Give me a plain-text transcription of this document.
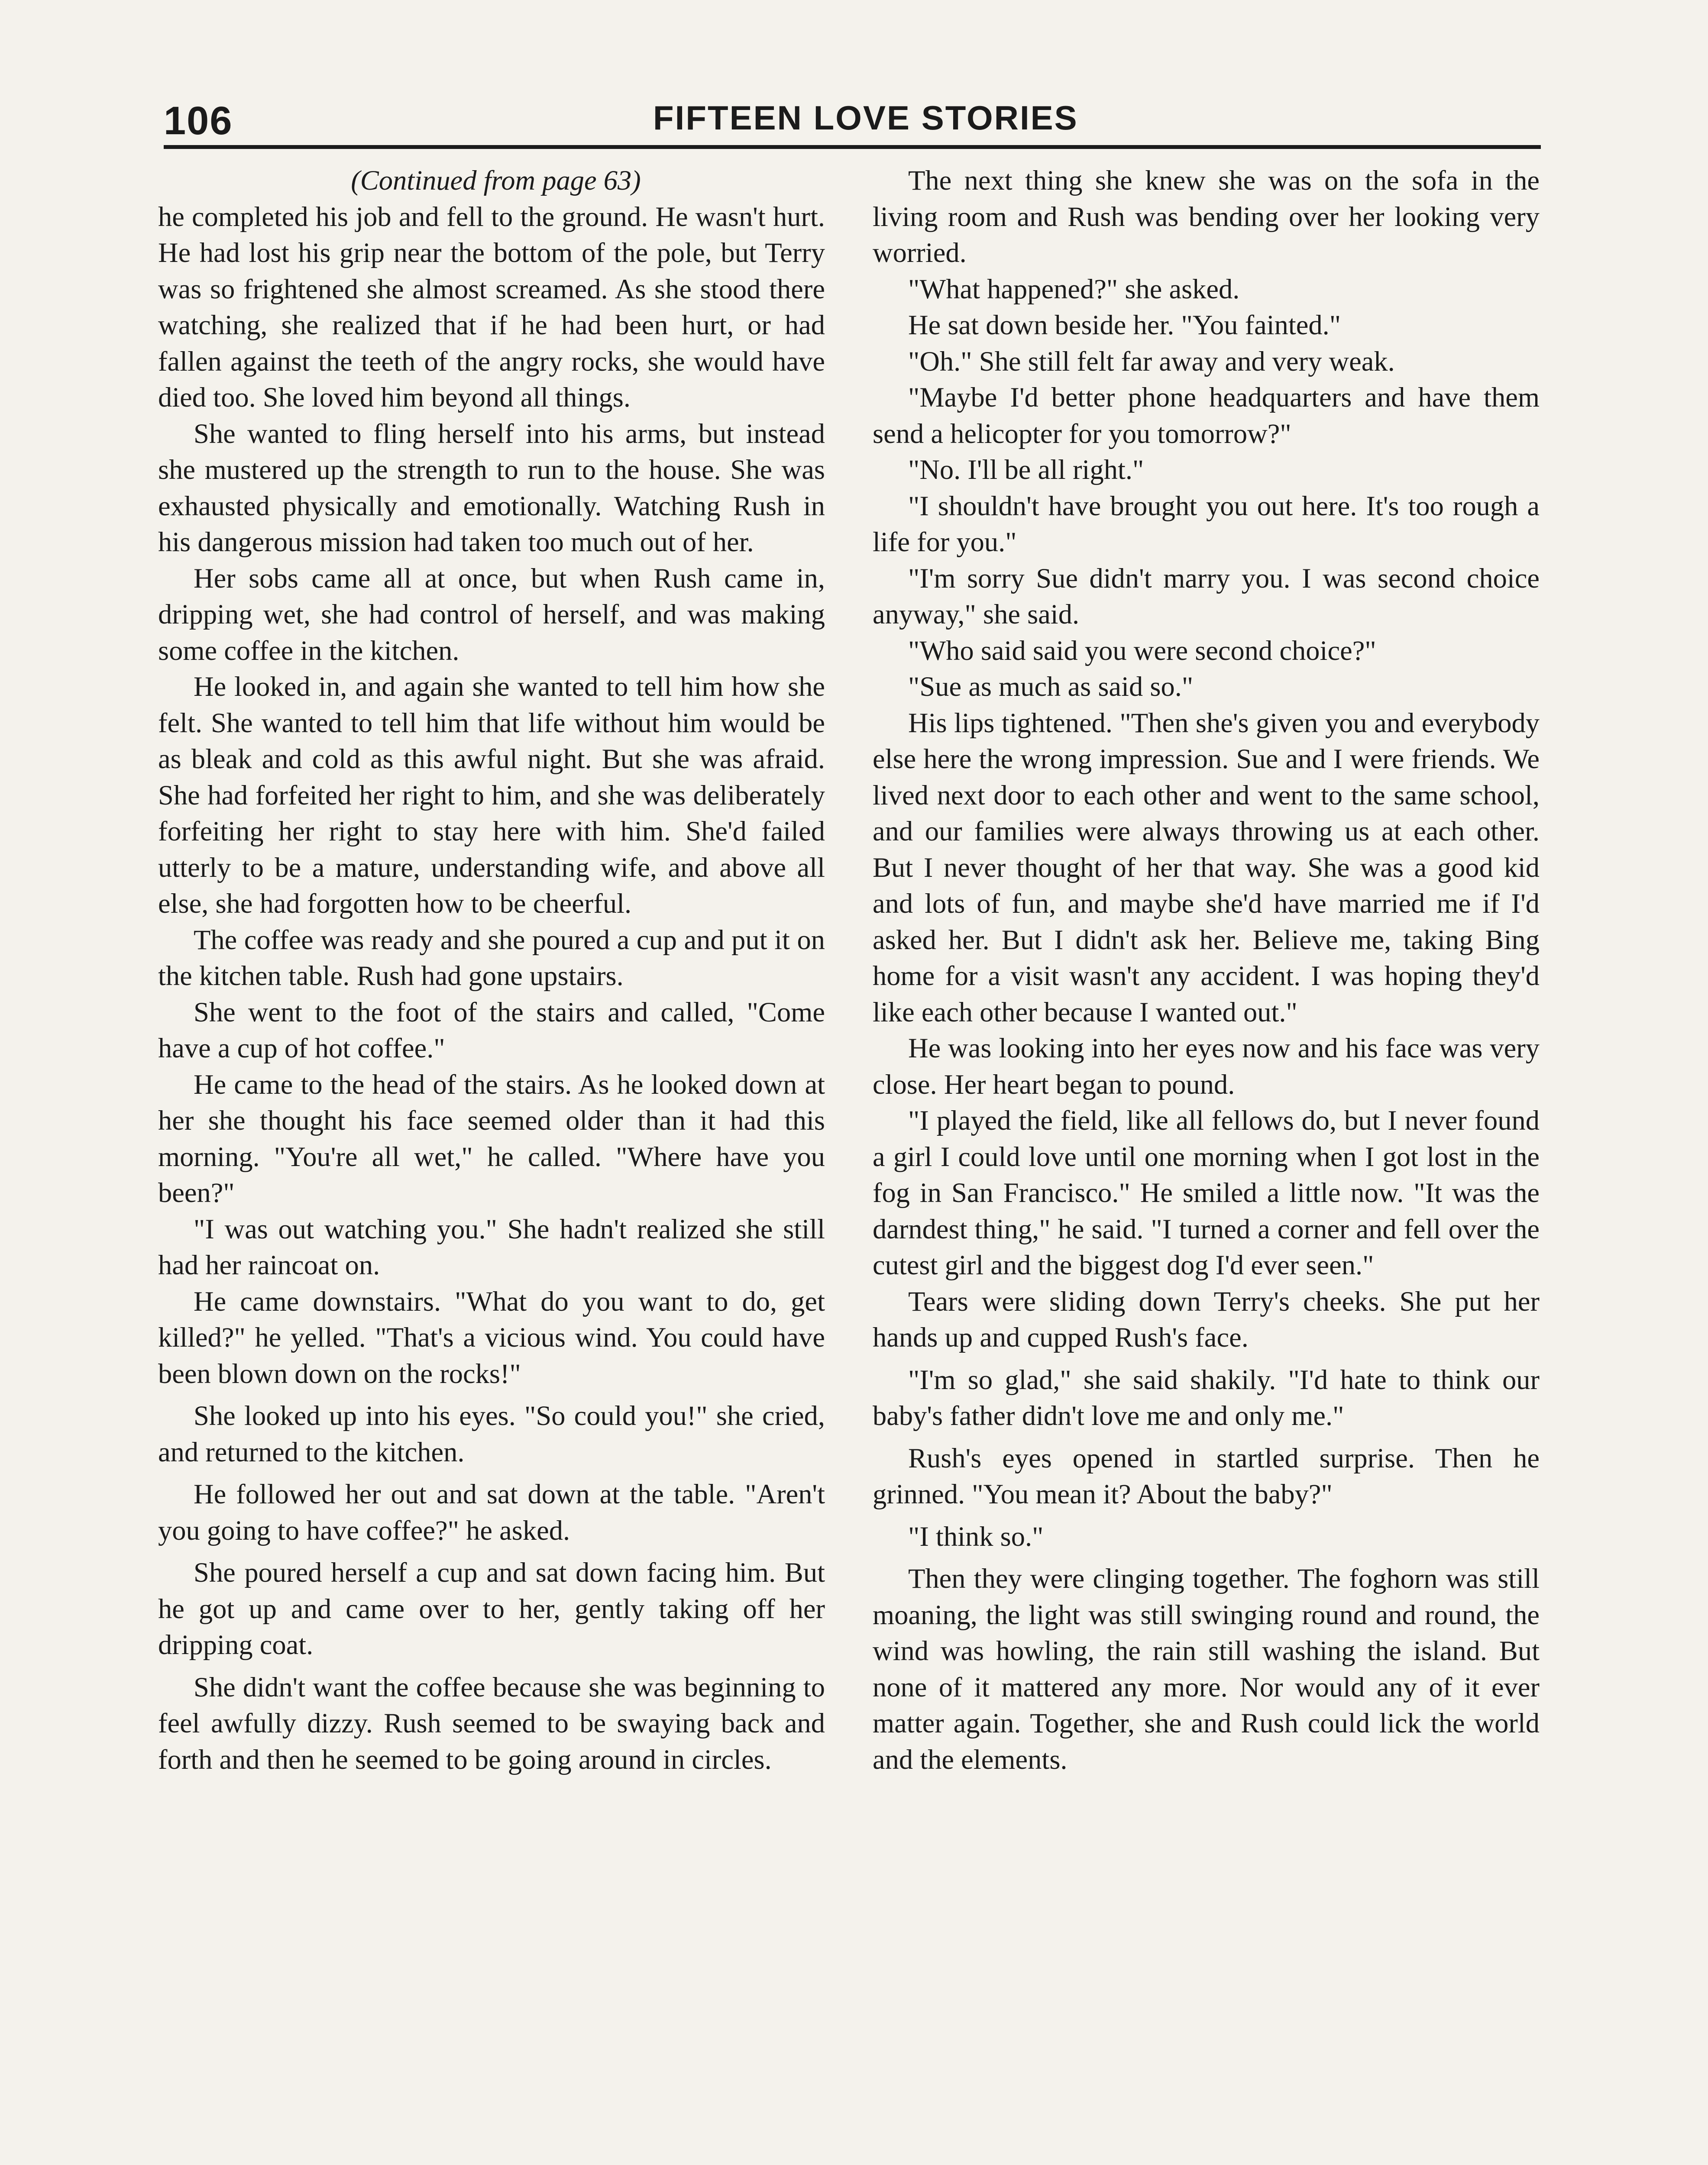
106	FIFTEEN LOVE STORIES
(Continued from page 63)

he completed his job and fell to the ground. He wasn't hurt. He had lost his grip near the bottom of the pole, but Terry was so frightened she almost screamed. As she stood there watching, she realized that if he had been hurt, or had fallen against the teeth of the angry rocks, she would have died too. She loved him beyond all things.

She wanted to fling herself into his arms, but instead she mustered up the strength to run to the house. She was exhausted physically and emotionally. Watching Rush in his dangerous mission had taken too much out of her.

Her sobs came all at once, but when Rush came in, dripping wet, she had control of herself, and was making some coffee in the kitchen.

He looked in, and again she wanted to tell him how she felt. She wanted to tell him that life without him would be as bleak and cold as this awful night. But she was afraid. She had forfeited her right to him, and she was deliberately forfeiting her right to stay here with him. She'd failed utterly to be a mature, understanding wife, and above all else, she had forgotten how to be cheerful.

The coffee was ready and she poured a cup and put it on the kitchen table. Rush had gone upstairs.

She went to the foot of the stairs and called, "Come have a cup of hot coffee."

He came to the head of the stairs. As he looked down at her she thought his face seemed older than it had this morning. "You're all wet," he called. "Where have you been?"

"I was out watching you." She hadn't realized she still had her raincoat on.

He came downstairs. "What do you want to do, get killed?" he yelled. "That's a vicious wind. You could have been blown down on the rocks!"

She looked up into his eyes. "So could you!" she cried, and returned to the kitchen.

He followed her out and sat down at the table. "Aren't you going to have coffee?" he asked.

She poured herself a cup and sat down facing him. But he got up and came over to her, gently taking off her dripping coat.

She didn't want the coffee because she was beginning to feel awfully dizzy. Rush seemed to be swaying back and forth and then he seemed to be going around in circles.

The next thing she knew she was on the sofa in the living room and Rush was bending over her looking very worried.

"What happened?" she asked.

He sat down beside her. "You fainted."

"Oh." She still felt far away and very weak.

"Maybe I'd better phone headquarters and have them send a helicopter for you tomorrow?"

"No. I'll be all right."

"I shouldn't have brought you out here. It's too rough a life for you."

"I'm sorry Sue didn't marry you. I was second choice anyway," she said.

"Who said said you were second choice?"

"Sue as much as said so."

His lips tightened. "Then she's given you and everybody else here the wrong impression. Sue and I were friends. We lived next door to each other and went to the same school, and our families were always throwing us at each other. But I never thought of her that way. She was a good kid and lots of fun, and maybe she'd have married me if I'd asked her. But I didn't ask her. Believe me, taking Bing home for a visit wasn't any accident. I was hoping they'd like each other because I wanted out."

He was looking into her eyes now and his face was very close. Her heart began to pound.

"I played the field, like all fellows do, but I never found a girl I could love until one morning when I got lost in the fog in San Francisco." He smiled a little now. "It was the darndest thing," he said. "I turned a corner and fell over the cutest girl and the biggest dog I'd ever seen."

Tears were sliding down Terry's cheeks. She put her hands up and cupped Rush's face.

"I'm so glad," she said shakily. "I'd hate to think our baby's father didn't love me and only me."

Rush's eyes opened in startled surprise. Then he grinned. "You mean it? About the baby?"

"I think so."

Then they were clinging together. The foghorn was still moaning, the light was still swinging round and round, the wind was howling, the rain still washing the island. But none of it mattered any more. Nor would any of it ever matter again. Together, she and Rush could lick the world and the elements.
